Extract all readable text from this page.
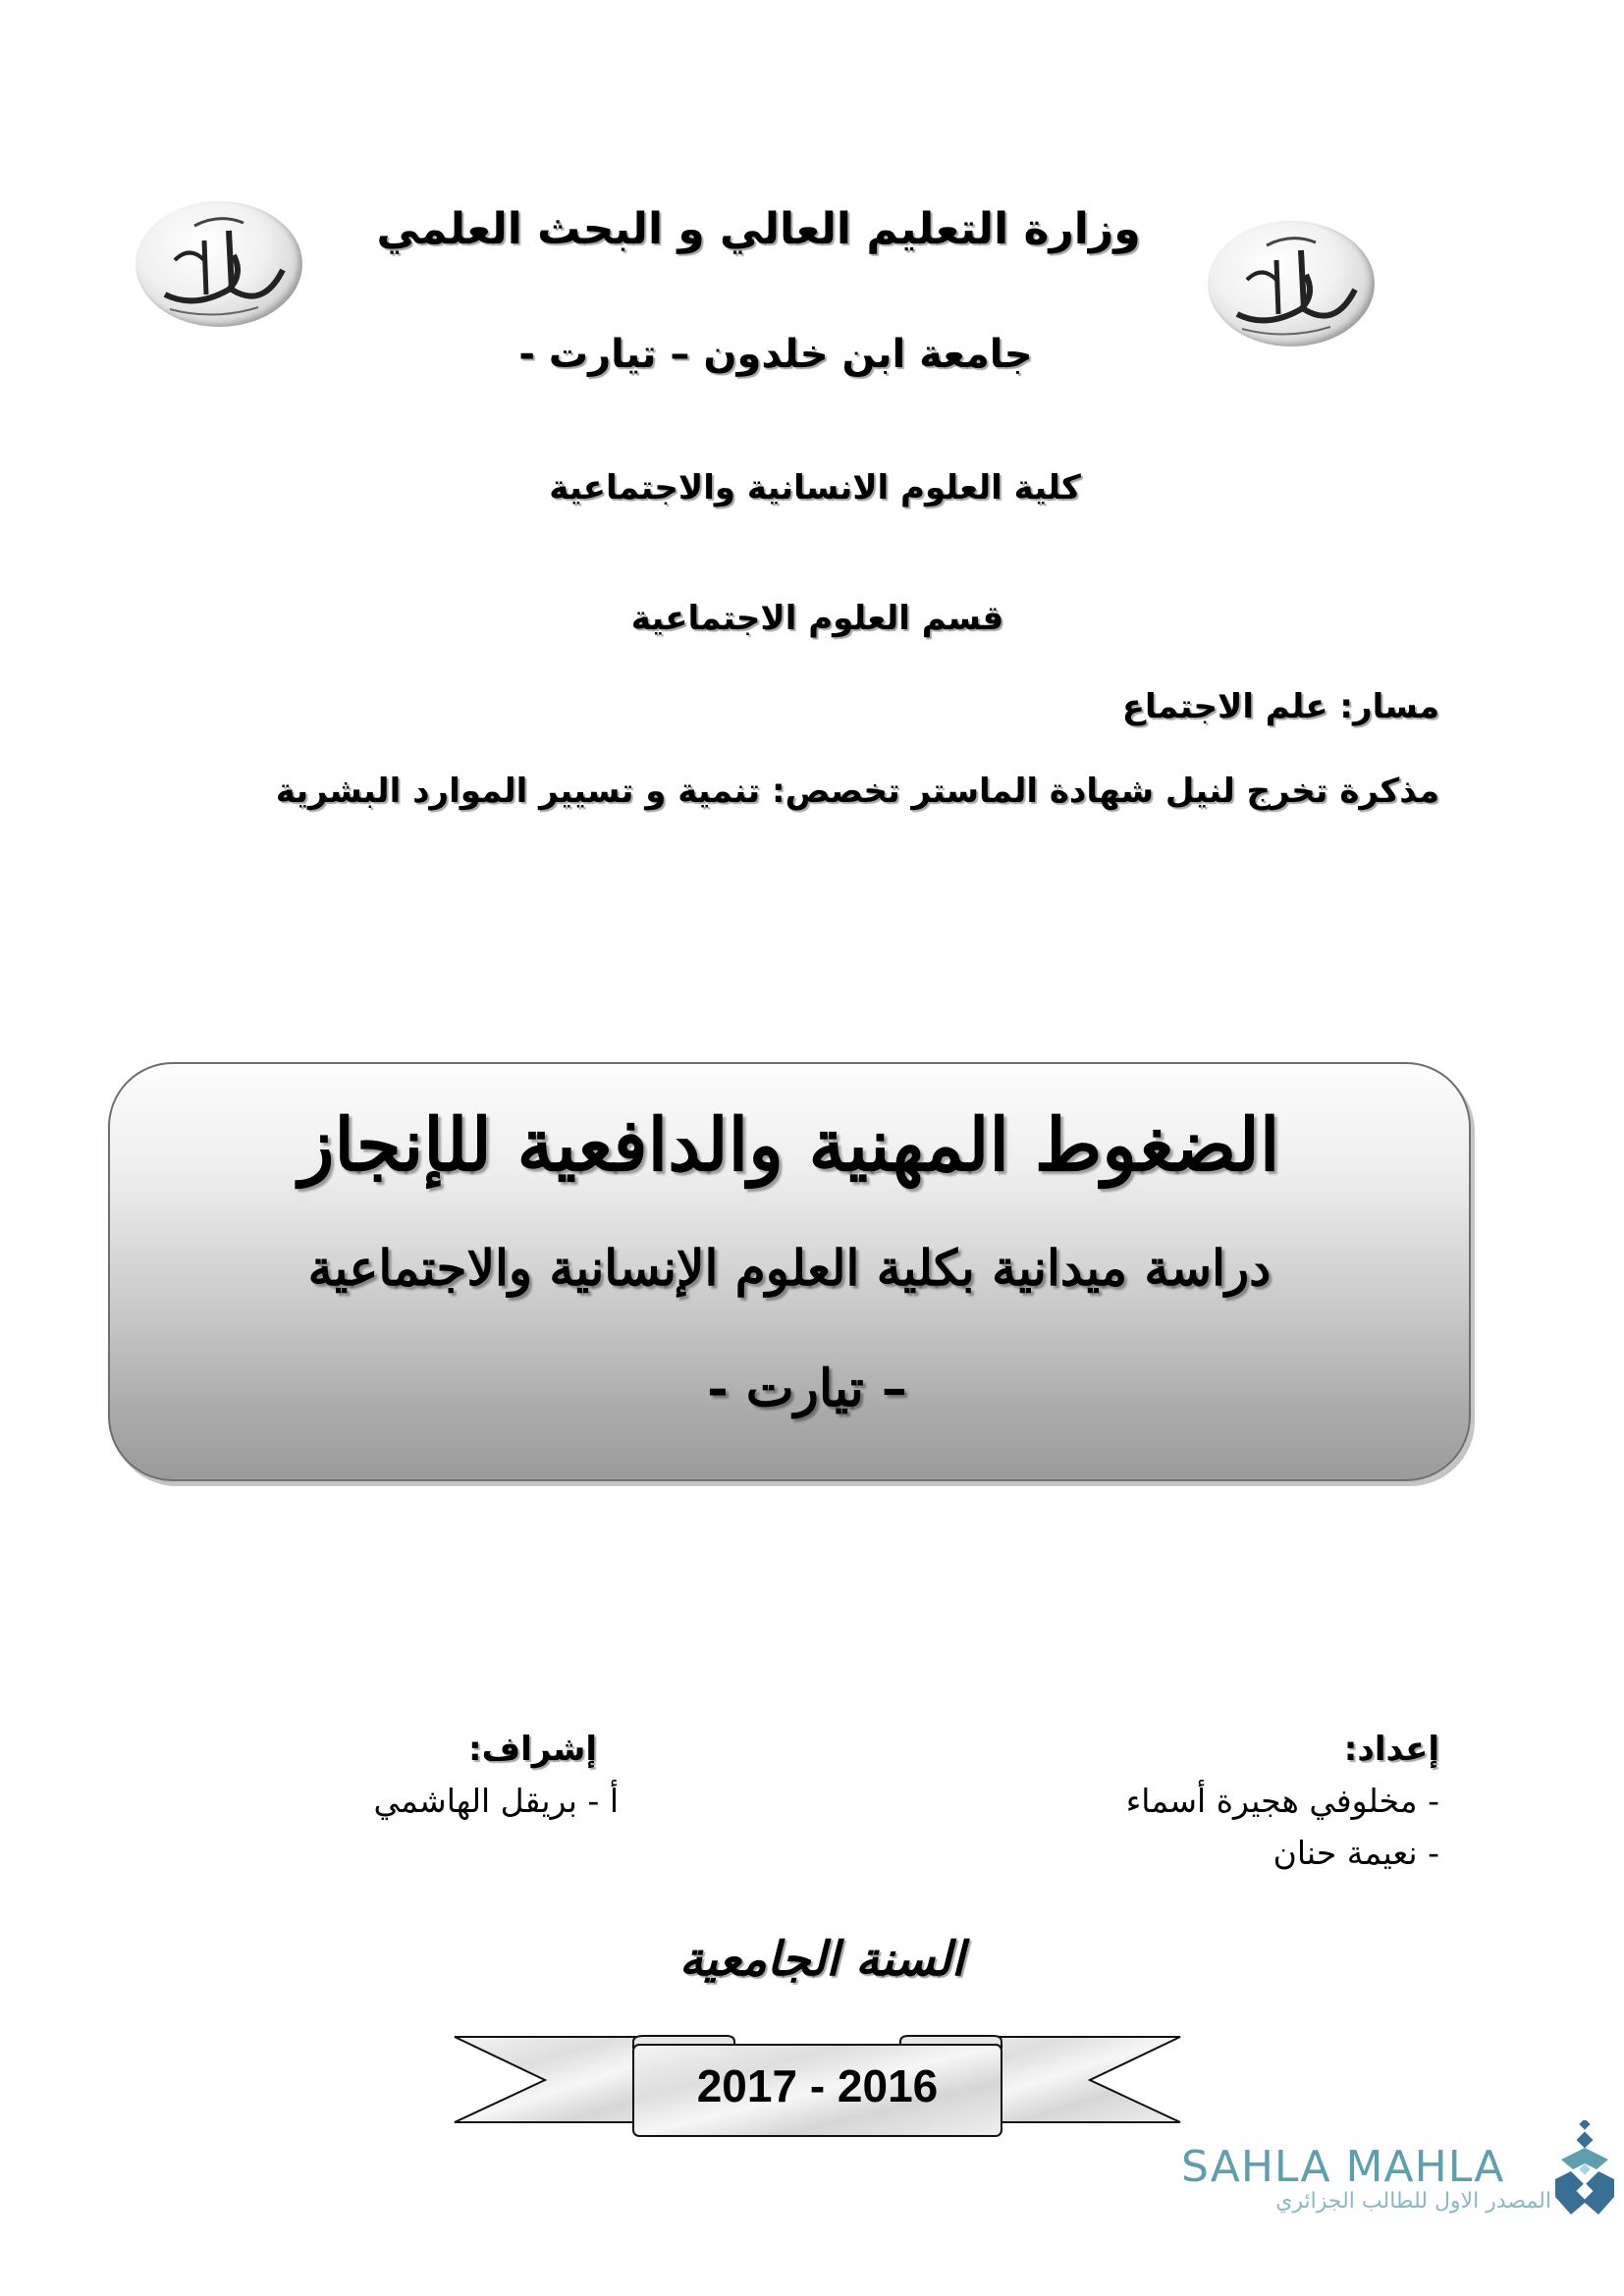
وزارة التعليم العالي و البحث العلمي
جامعة ابن خلدون – تيارت -
كلية العلوم الانسانية والاجتماعية
قسم العلوم الاجتماعية
مسار: علم الاجتماع
مذكرة تخرج لنيل شهادة الماستر تخصص: تنمية و تسيير الموارد البشرية
الضغوط المهنية والدافعية للإنجاز
دراسة ميدانية بكلية العلوم الإنسانية والاجتماعية
– تيارت -
إعداد:
- مخلوفي هجيرة أسماء
- نعيمة حنان
إشراف:
أ - بريقل الهاشمي
السنة الجامعية
2017 - 2016
SAHLA MAHLA
المصدر الاول للطالب الجزائري
